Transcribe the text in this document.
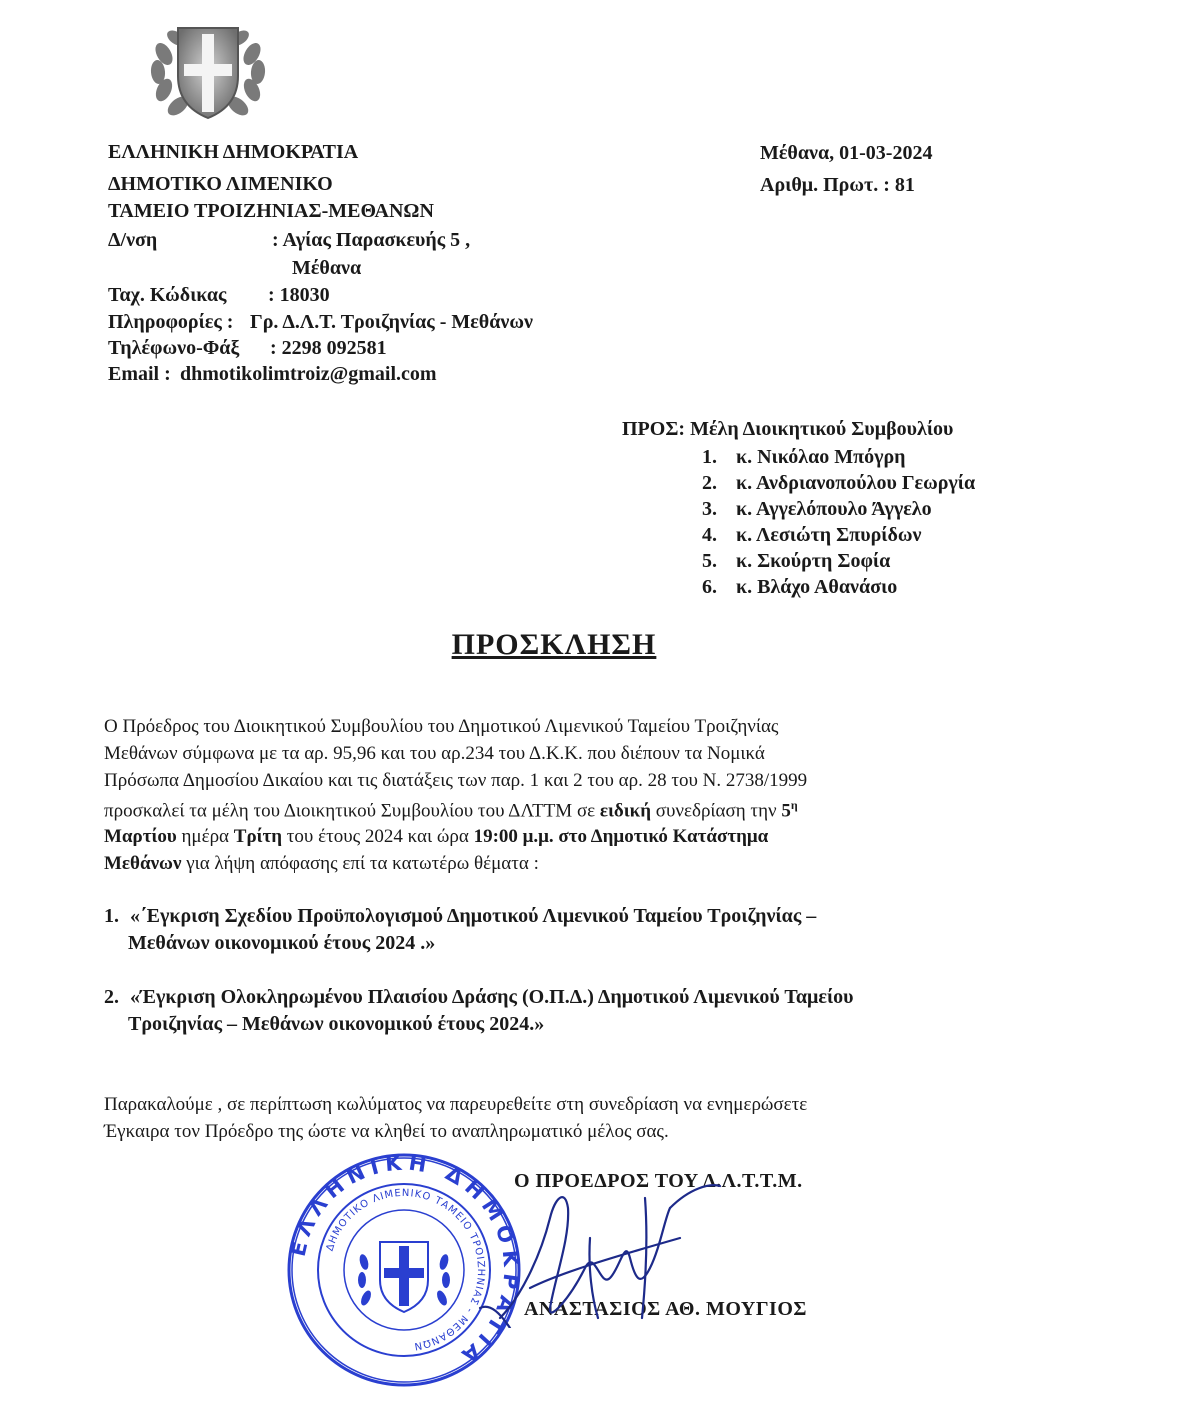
ΕΛΛΗΝΙΚΗ ΔΗΜΟΚΡΑΤΙΑ
ΔΗΜΟΤΙΚΟ ΛΙΜΕΝΙΚΟ
ΤΑΜΕΙΟ ΤΡΟΙΖΗΝΙΑΣ-ΜΕΘΑΝΩΝ
Δ/νση	: Αγίας Παρασκευής 5 ,
Μέθανα
Ταχ. Κώδικας : 18030
Πληροφορίες : Γρ. Δ.Λ.Τ. Τροιζηνίας - Μεθάνων
Τηλέφωνο-Φάξ : 2298 092581
Email : dhmotikolimtroiz@gmail.com
Μέθανα, 01-03-2024
Αριθμ. Πρωτ. : 81
ΠΡΟΣ: Μέλη Διοικητικού Συμβουλίου
1. κ. Νικόλαο Μπόγρη
2. κ. Ανδριανοπούλου Γεωργία
3. κ. Αγγελόπουλο Άγγελο
4. κ. Λεσιώτη Σπυρίδων
5. κ. Σκούρτη Σοφία
6. κ. Βλάχο Αθανάσιο
ΠΡΟΣΚΛΗΣΗ
Ο Πρόεδρος του Διοικητικού Συμβουλίου του Δημοτικού Λιμενικού Ταμείου Τροιζηνίας
Μεθάνων σύμφωνα με τα αρ. 95,96 και του αρ.234 του Δ.Κ.Κ. που διέπουν τα Νομικά
Πρόσωπα Δημοσίου Δικαίου και τις διατάξεις των παρ. 1 και 2 του αρ. 28 του Ν. 2738/1999
προσκαλεί τα μέλη του Διοικητικού Συμβουλίου του ΔΛΤΤΜ σε ειδική συνεδρίαση την $5^\eta$
Μαρτίου ημέρα Τρίτη του έτους 2024 και ώρα 19:00 μ.μ. στο Δημοτικό Κατάστημα
Μεθάνων για λήψη απόφασης επί τα κατωτέρω θέματα :
1. «΄Εγκριση Σχεδίου Προϋπολογισμού Δημοτικού Λιμενικού Ταμείου Τροιζηνίας –
Μεθάνων οικονομικού έτους 2024 .»
2. «Έγκριση Ολοκληρωμένου Πλαισίου Δράσης (Ο.Π.Δ.) Δημοτικού Λιμενικού Ταμείου
Τροιζηνίας – Μεθάνων οικονομικού έτους 2024.»
Παρακαλούμε , σε περίπτωση κωλύματος να παρευρεθείτε στη συνεδρίαση να ενημερώσετε
Έγκαιρα τον Πρόεδρο της ώστε να κληθεί το αναπληρωματικό μέλος σας.
Ο ΠΡΟΕΔΡΟΣ ΤΟΥ Δ.Λ.Τ.Τ.Μ.
ΑΝΑΣΤΑΣΙΟΣ ΑΘ. ΜΟΥΓΙΟΣ
ΕΛΛΗΝΙΚΗ ΔΗΜΟΚΡΑΤΙΑ
ΔΗΜΟΤΙΚΟ ΛΙΜΕΝΙΚΟ ΤΑΜΕΙΟ ΤΡΟΙΖΗΝΙΑΣ - ΜΕΘΑΝΩΝ
